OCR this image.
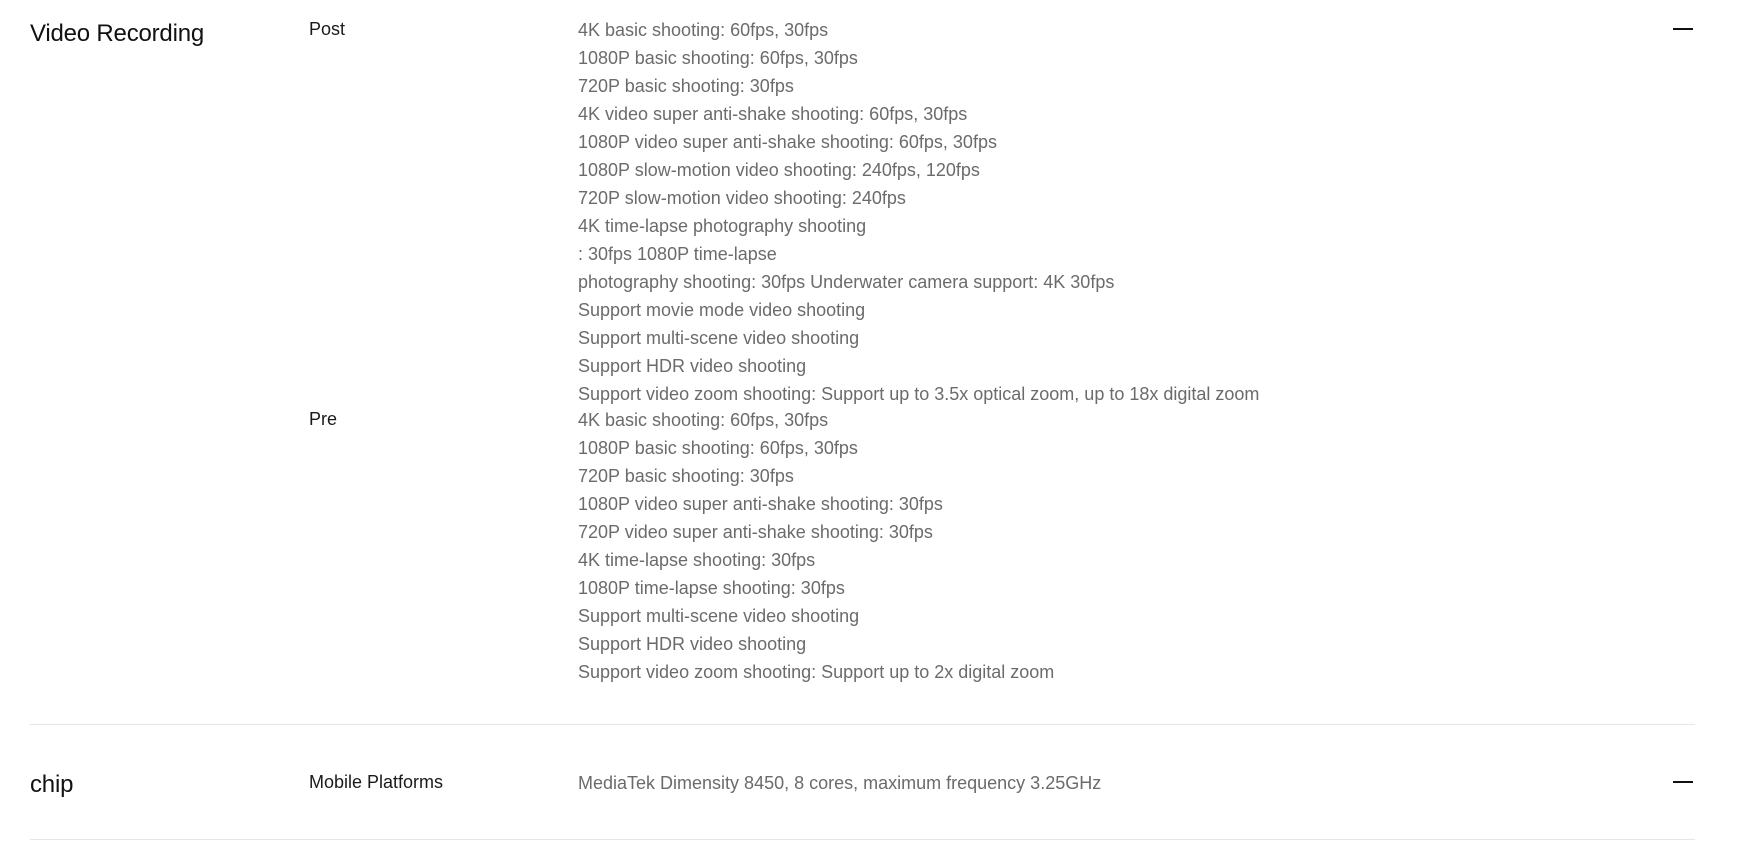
Video Recording	Post	4K basic shooting: 60fps, 30fps
1080P basic shooting: 60fps, 30fps
720P basic shooting: 30fps
4K video super anti-shake shooting: 60fps, 30fps
1080P video super anti-shake shooting: 60fps, 30fps
1080P slow-motion video shooting: 240fps, 120fps
720P slow-motion video shooting: 240fps
4K time-lapse photography shooting
: 30fps 1080P time-lapse
photography shooting: 30fps Underwater camera support: 4K 30fps
Support movie mode video shooting
Support multi-scene video shooting
Support HDR video shooting
Support video zoom shooting: Support up to 3.5x optical zoom, up to 18x digital zoom
Pre	4K basic shooting: 60fps, 30fps
1080P basic shooting: 60fps, 30fps
720P basic shooting: 30fps
1080P video super anti-shake shooting: 30fps
720P video super anti-shake shooting: 30fps
4K time-lapse shooting: 30fps
1080P time-lapse shooting: 30fps
Support multi-scene video shooting
Support HDR video shooting
Support video zoom shooting: Support up to 2x digital zoom
chip	Mobile Platforms	MediaTek Dimensity 8450, 8 cores, maximum frequency 3.25GHz
